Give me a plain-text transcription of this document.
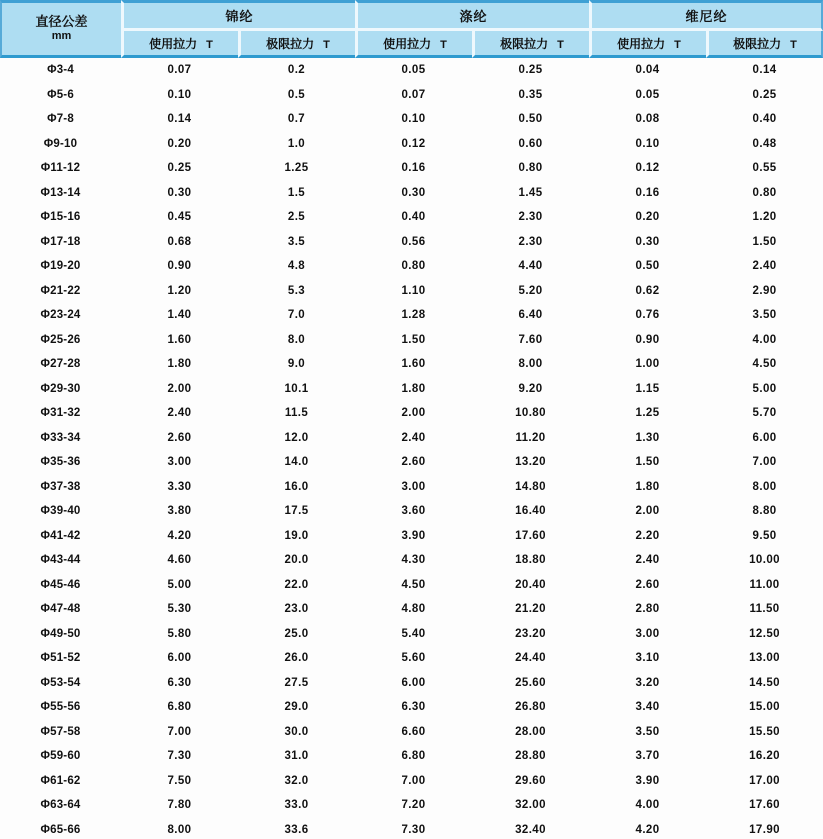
直径公差
mm	锦纶		涤纶		维尼纶	
	使用拉力 T	极限拉力 T	使用拉力 T	极限拉力 T	使用拉力 T	极限拉力 T
Φ3-4	0.07	0.2	0.05	0.25	0.04	0.14
Φ5-6	0.10	0.5	0.07	0.35	0.05	0.25
Φ7-8	0.14	0.7	0.10	0.50	0.08	0.40
Φ9-10	0.20	1.0	0.12	0.60	0.10	0.48
Φ11-12	0.25	1.25	0.16	0.80	0.12	0.55
Φ13-14	0.30	1.5	0.30	1.45	0.16	0.80
Φ15-16	0.45	2.5	0.40	2.30	0.20	1.20
Φ17-18	0.68	3.5	0.56	2.30	0.30	1.50
Φ19-20	0.90	4.8	0.80	4.40	0.50	2.40
Φ21-22	1.20	5.3	1.10	5.20	0.62	2.90
Φ23-24	1.40	7.0	1.28	6.40	0.76	3.50
Φ25-26	1.60	8.0	1.50	7.60	0.90	4.00
Φ27-28	1.80	9.0	1.60	8.00	1.00	4.50
Φ29-30	2.00	10.1	1.80	9.20	1.15	5.00
Φ31-32	2.40	11.5	2.00	10.80	1.25	5.70
Φ33-34	2.60	12.0	2.40	11.20	1.30	6.00
Φ35-36	3.00	14.0	2.60	13.20	1.50	7.00
Φ37-38	3.30	16.0	3.00	14.80	1.80	8.00
Φ39-40	3.80	17.5	3.60	16.40	2.00	8.80
Φ41-42	4.20	19.0	3.90	17.60	2.20	9.50
Φ43-44	4.60	20.0	4.30	18.80	2.40	10.00
Φ45-46	5.00	22.0	4.50	20.40	2.60	11.00
Φ47-48	5.30	23.0	4.80	21.20	2.80	11.50
Φ49-50	5.80	25.0	5.40	23.20	3.00	12.50
Φ51-52	6.00	26.0	5.60	24.40	3.10	13.00
Φ53-54	6.30	27.5	6.00	25.60	3.20	14.50
Φ55-56	6.80	29.0	6.30	26.80	3.40	15.00
Φ57-58	7.00	30.0	6.60	28.00	3.50	15.50
Φ59-60	7.30	31.0	6.80	28.80	3.70	16.20
Φ61-62	7.50	32.0	7.00	29.60	3.90	17.00
Φ63-64	7.80	33.0	7.20	32.00	4.00	17.60
Φ65-66	8.00	33.6	7.30	32.40	4.20	17.90
